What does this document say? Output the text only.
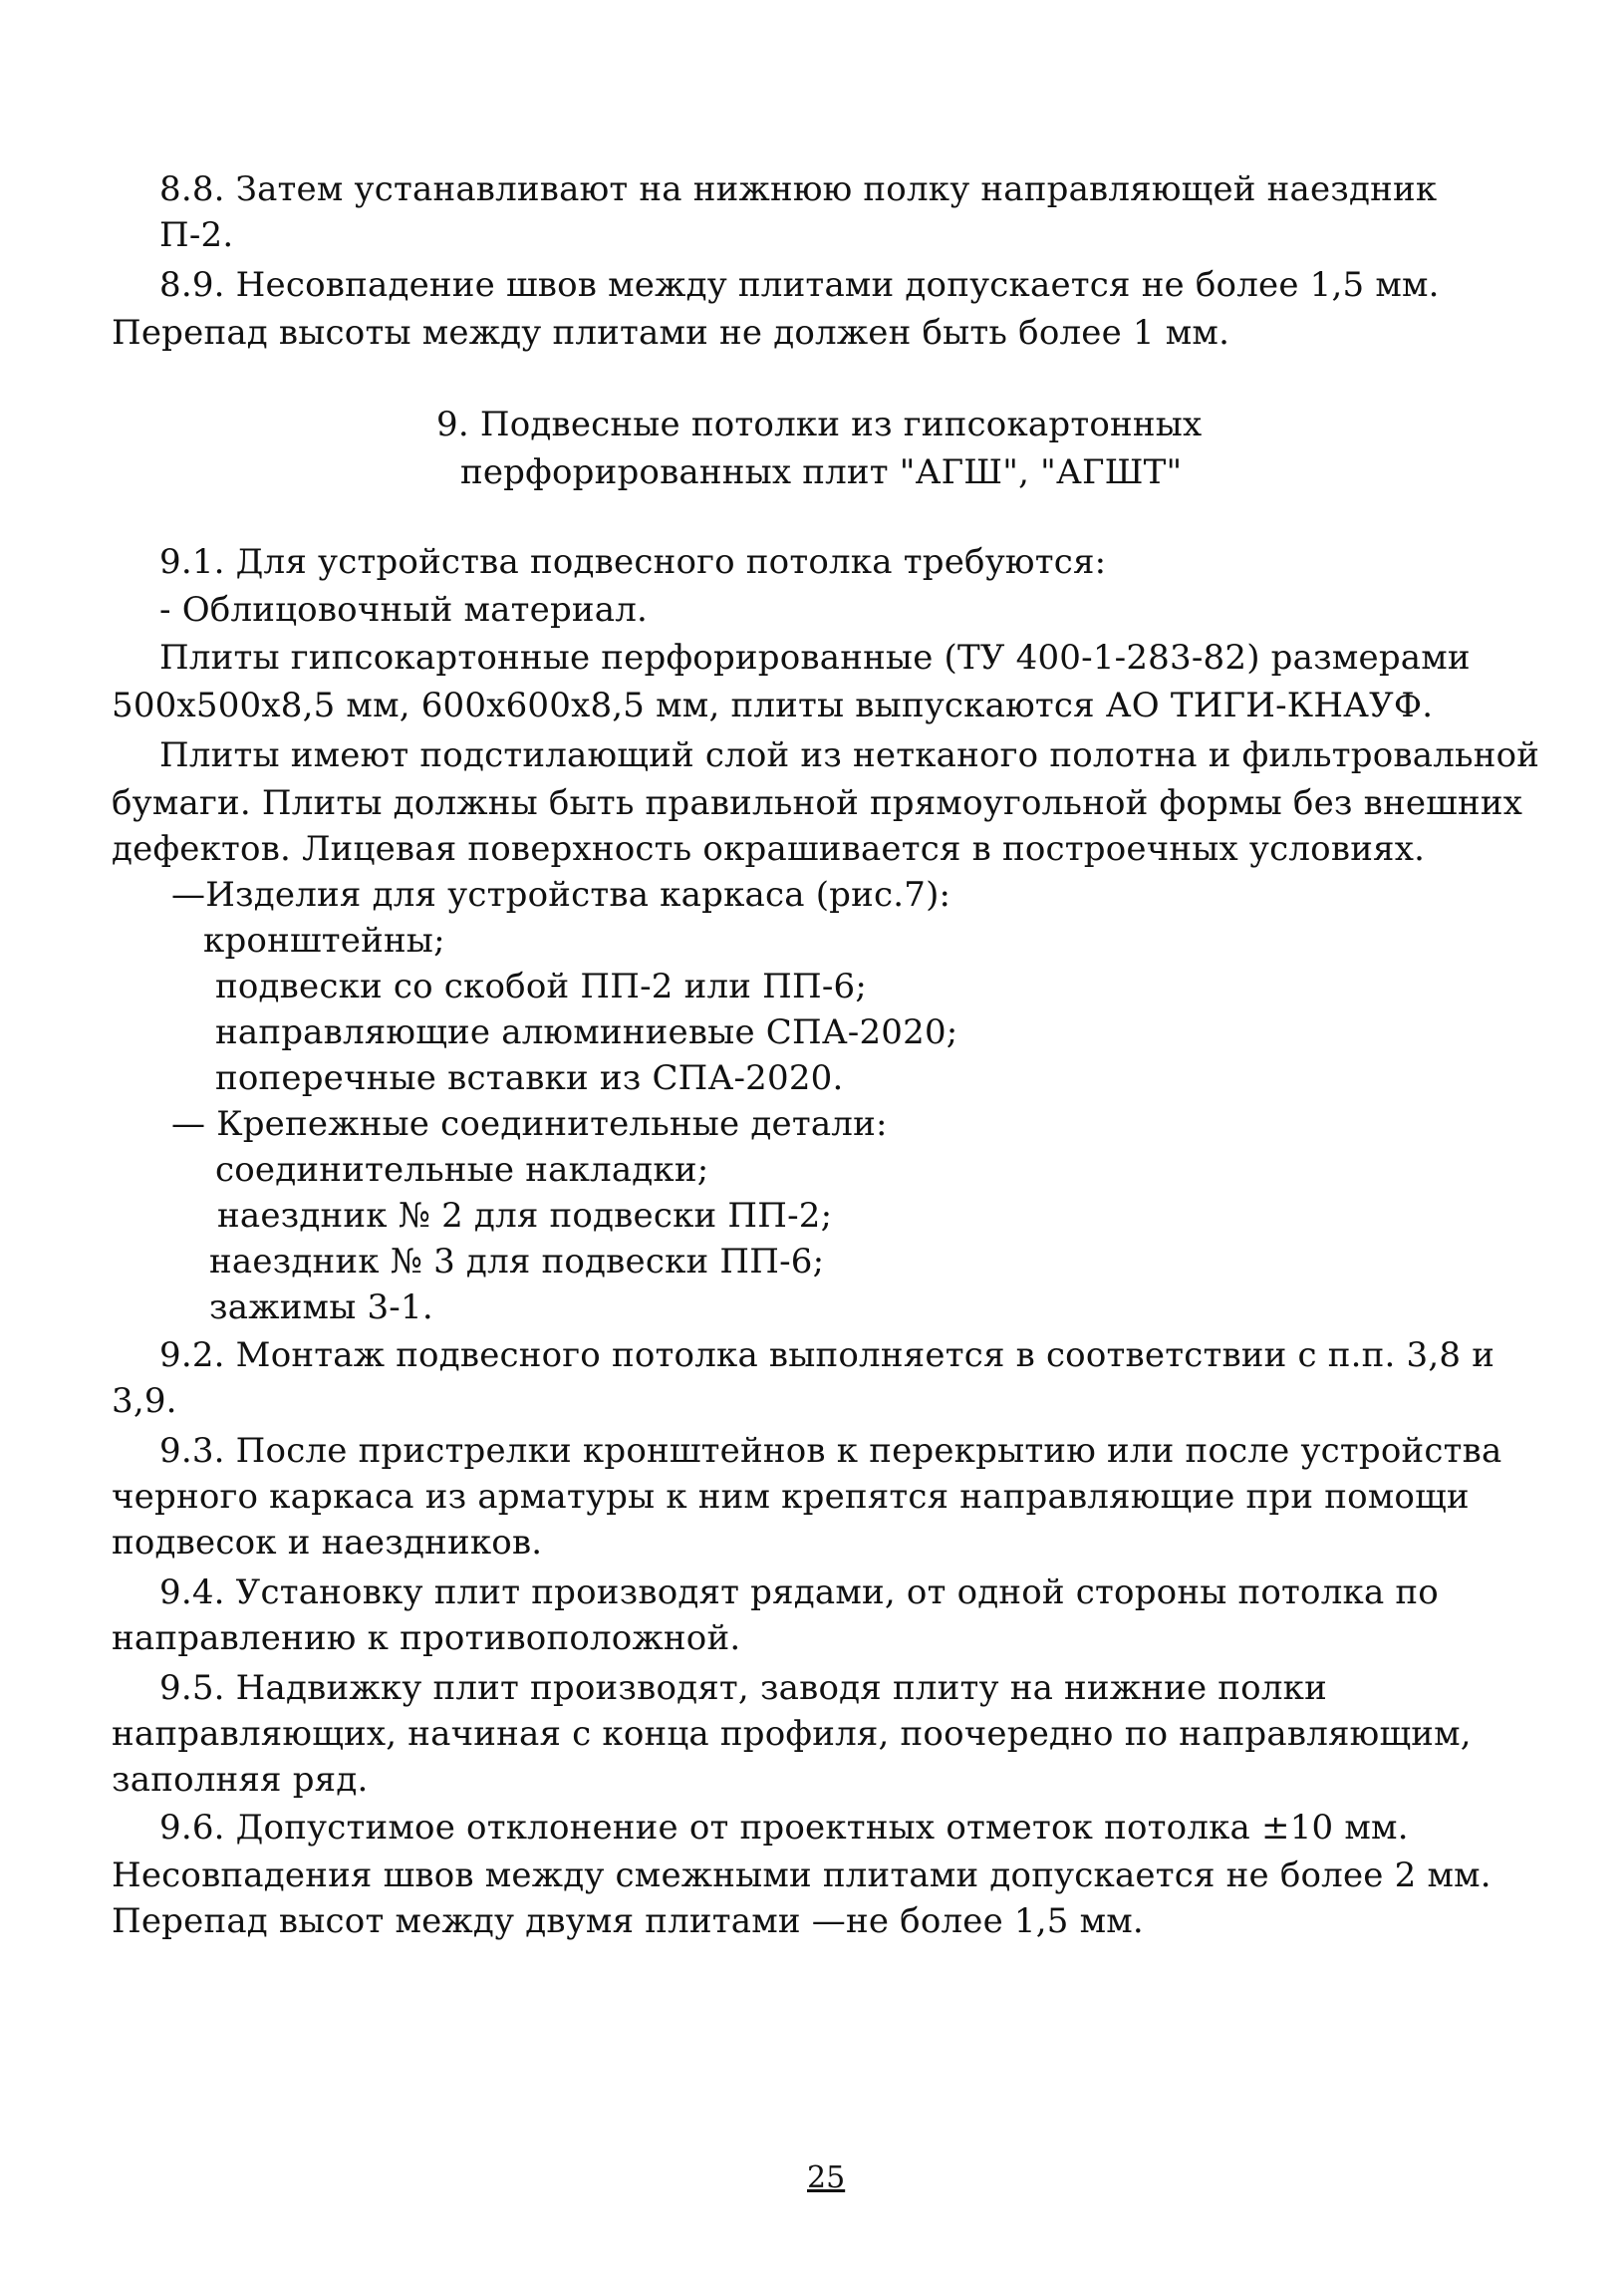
8.8. Затем устанавливают на нижнюю полку направляющей наездник
П-2.
8.9. Несовпадение швов между плитами допускается не более 1,5 мм.
Перепад высоты между плитами не должен быть более 1 мм.
9. Подвесные потолки из гипсокартонных
перфорированных плит "АГШ", "АГШТ"
9.1. Для устройства подвесного потолка требуются:
- Облицовочный материал.
Плиты гипсокартонные перфорированные (ТУ 400-1-283-82) размерами
500х500х8,5 мм, 600х600х8,5 мм, плиты выпускаются АО ТИГИ-КНАУФ.
Плиты имеют подстилающий слой из нетканого полотна и фильтровальной
бумаги. Плиты должны быть правильной прямоугольной формы без внешних
дефектов. Лицевая поверхность окрашивается в построечных условиях.
—Изделия для устройства каркаса (рис.7):
кронштейны;
подвески со скобой ПП-2 или ПП-6;
направляющие алюминиевые СПА-2020;
поперечные вставки из СПА-2020.
— Крепежные соединительные детали:
соединительные накладки;
наездник № 2 для подвески ПП-2;
наездник № 3 для подвески ПП-6;
зажимы 3-1.
9.2. Монтаж подвесного потолка выполняется в соответствии с п.п. 3,8 и
3,9.
9.3. После пристрелки кронштейнов к перекрытию или после устройства
черного каркаса из арматуры к ним крепятся направляющие при помощи
подвесок и наездников.
9.4. Установку плит производят рядами, от одной стороны потолка по
направлению к противоположной.
9.5. Надвижку плит производят, заводя плиту на нижние полки
направляющих, начиная с конца профиля, поочередно по направляющим,
заполняя ряд.
9.6. Допустимое отклонение от проектных отметок потолка ±10 мм.
Несовпадения швов между смежными плитами допускается не более 2 мм.
Перепад высот между двумя плитами —не более 1,5 мм.
25
